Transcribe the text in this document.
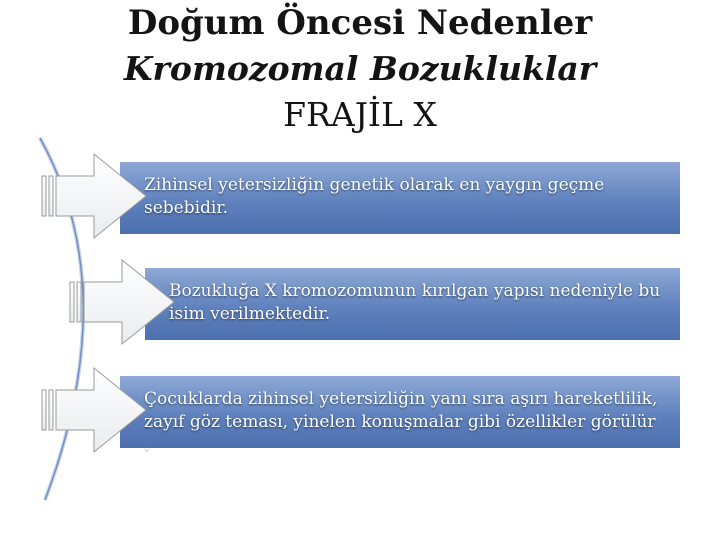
Doğum Öncesi Nedenler
Kromozomal Bozukluklar
FRAJİL X
Zihinsel yetersizliğin genetik olarak en yaygın geçme sebebidir.
Bozukluğa X kromozomunun kırılgan yapısı nedeniyle bu isim verilmektedir.
Çocuklarda zihinsel yetersizliğin yanı sıra aşırı hareketlilik, zayıf göz teması, yinelen konuşmalar gibi özellikler görülür .
